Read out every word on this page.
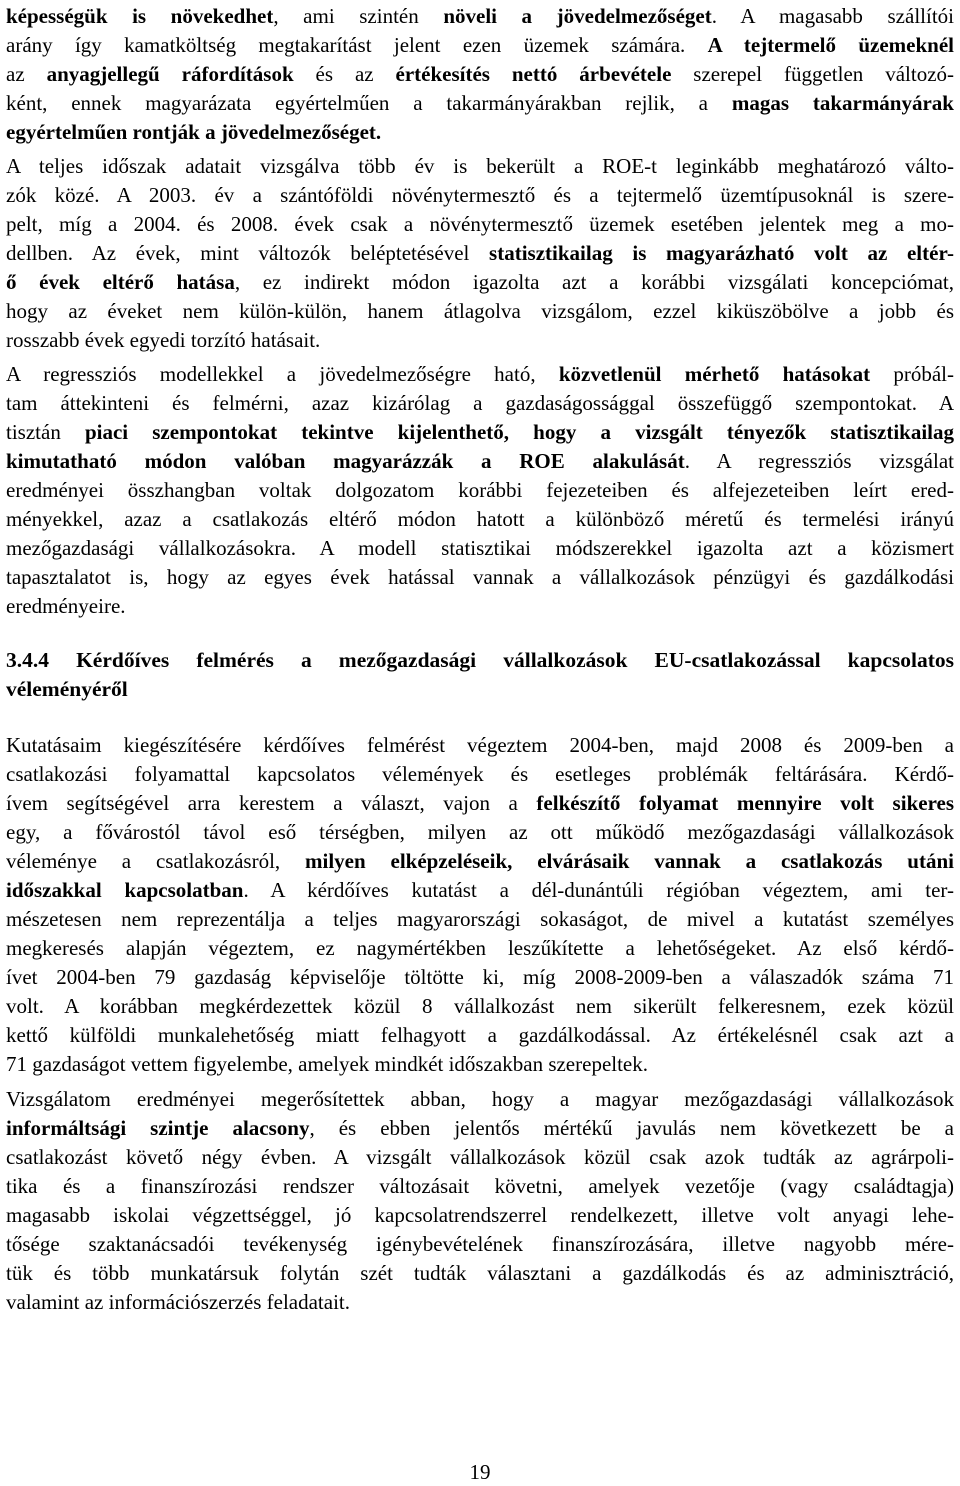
képességük is növekedhet, ami szintén növeli a jövedelmezőséget. A magasabb szállítói
arány így kamatköltség megtakarítást jelent ezen üzemek számára. A tejtermelő üzemeknél
az anyagjellegű ráfordítások és az értékesítés nettó árbevétele szerepel független változó-
ként, ennek magyarázata egyértelműen a takarmányárakban rejlik, a magas takarmányárak
egyértelműen rontják a jövedelmezőséget.
A teljes időszak adatait vizsgálva több év is bekerült a ROE-t leginkább meghatározó válto-
zók közé. A 2003. év a szántóföldi növénytermesztő és a tejtermelő üzemtípusoknál is szere-
pelt, míg a 2004. és 2008. évek csak a növénytermesztő üzemek esetében jelentek meg a mo-
dellben. Az évek, mint változók beléptetésével statisztikailag is magyarázható volt az eltér-
ő évek eltérő hatása, ez indirekt módon igazolta azt a korábbi vizsgálati koncepciómat,
hogy az éveket nem külön-külön, hanem átlagolva vizsgálom, ezzel kiküszöbölve a jobb és
rosszabb évek egyedi torzító hatásait.
A regressziós modellekkel a jövedelmezőségre ható, közvetlenül mérhető hatásokat próbál-
tam áttekinteni és felmérni, azaz kizárólag a gazdaságossággal összefüggő szempontokat. A
tisztán piaci szempontokat tekintve kijelenthető, hogy a vizsgált tényezők statisztikailag
kimutatható módon valóban magyarázzák a ROE alakulását. A regressziós vizsgálat
eredményei összhangban voltak dolgozatom korábbi fejezeteiben és alfejezeteiben leírt ered-
ményekkel, azaz a csatlakozás eltérő módon hatott a különböző méretű és termelési irányú
mezőgazdasági vállalkozásokra. A modell statisztikai módszerekkel igazolta azt a közismert
tapasztalatot is, hogy az egyes évek hatással vannak a vállalkozások pénzügyi és gazdálkodási
eredményeire.
3.4.4 Kérdőíves felmérés a mezőgazdasági vállalkozások EU-csatlakozással kapcsolatos
véleményéről
Kutatásaim kiegészítésére kérdőíves felmérést végeztem 2004-ben, majd 2008 és 2009-ben a
csatlakozási folyamattal kapcsolatos vélemények és esetleges problémák feltárására. Kérdő-
ívem segítségével arra kerestem a választ, vajon a felkészítő folyamat mennyire volt sikeres
egy, a fővárostól távol eső térségben, milyen az ott működő mezőgazdasági vállalkozások
véleménye a csatlakozásról, milyen elképzeléseik, elvárásaik vannak a csatlakozás utáni
időszakkal kapcsolatban. A kérdőíves kutatást a dél-dunántúli régióban végeztem, ami ter-
mészetesen nem reprezentálja a teljes magyarországi sokaságot, de mivel a kutatást személyes
megkeresés alapján végeztem, ez nagymértékben leszűkítette a lehetőségeket. Az első kérdő-
ívet 2004-ben 79 gazdaság képviselője töltötte ki, míg 2008-2009-ben a válaszadók száma 71
volt. A korábban megkérdezettek közül 8 vállalkozást nem sikerült felkeresnem, ezek közül
kettő külföldi munkalehetőség miatt felhagyott a gazdálkodással. Az értékelésnél csak azt a
71 gazdaságot vettem figyelembe, amelyek mindkét időszakban szerepeltek.
Vizsgálatom eredményei megerősítettek abban, hogy a magyar mezőgazdasági vállalkozások
informáltsági szintje alacsony, és ebben jelentős mértékű javulás nem következett be a
csatlakozást követő négy évben. A vizsgált vállalkozások közül csak azok tudták az agrárpoli-
tika és a finanszírozási rendszer változásait követni, amelyek vezetője (vagy családtagja)
magasabb iskolai végzettséggel, jó kapcsolatrendszerrel rendelkezett, illetve volt anyagi lehe-
tősége szaktanácsadói tevékenység igénybevételének finanszírozására, illetve nagyobb mére-
tük és több munkatársuk folytán szét tudták választani a gazdálkodás és az adminisztráció,
valamint az információszerzés feladatait.
19
